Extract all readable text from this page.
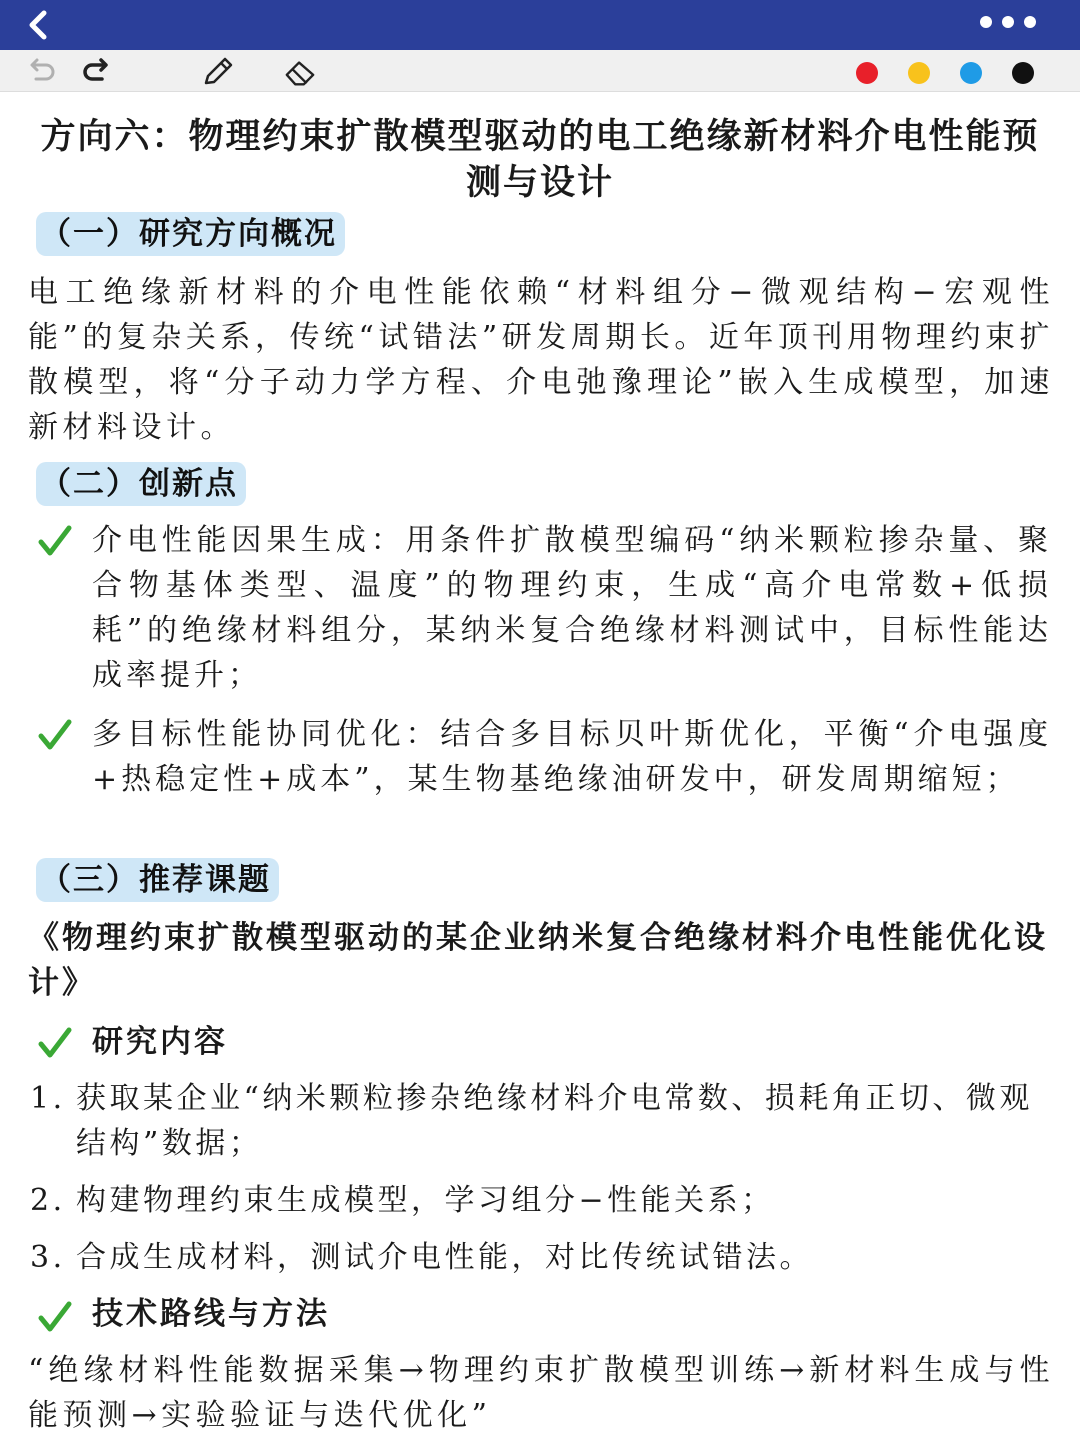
方向六：物理约束扩散模型驱动的电工绝缘新材料介电性能预测与设计
（一）研究方向概况
电工绝缘新材料的介电性能依赖“材料组分−微观结构−宏观性能”的复杂关系，传统“试错法”研发周期长。近年顶刊用物理约束扩散模型，将“分子动力学方程、介电弛豫理论”嵌入生成模型，加速新材料设计。
（二）创新点
介电性能因果生成：用条件扩散模型编码“纳米颗粒掺杂量、聚合物基体类型、温度”的物理约束，生成“高介电常数+低损耗”的绝缘材料组分，某纳米复合绝缘材料测试中，目标性能达成率提升；
多目标性能协同优化：结合多目标贝叶斯优化，平衡“介电强度+热稳定性+成本”，某生物基绝缘油研发中，研发周期缩短；
（三）推荐课题
《物理约束扩散模型驱动的某企业纳米复合绝缘材料介电性能优化设计》
研究内容
1. 获取某企业“纳米颗粒掺杂绝缘材料介电常数、损耗角正切、微观结构”数据；
2. 构建物理约束生成模型，学习组分−性能关系；
3. 合成生成材料，测试介电性能，对比传统试错法。
技术路线与方法
“绝缘材料性能数据采集→物理约束扩散模型训练→新材料生成与性能预测→实验验证与迭代优化”
